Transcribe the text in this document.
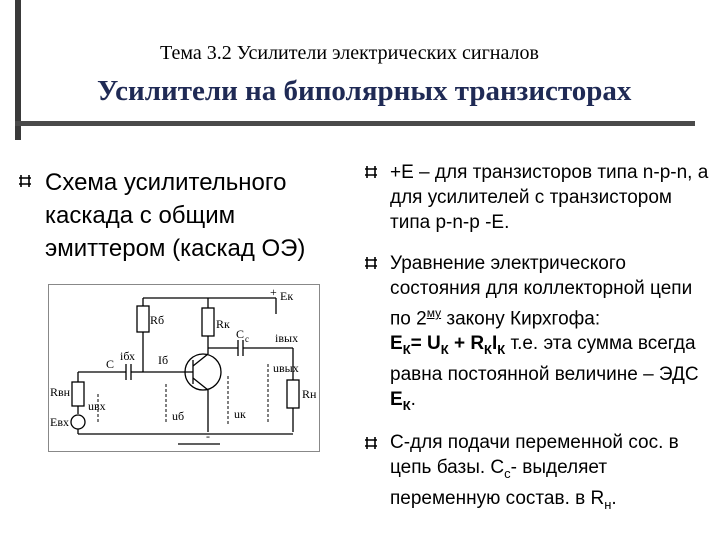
Тема 3.2 Усилители электрических сигналов
Усилители на биполярных транзисторах
Схема усилительного каскада с общим эмиттером (каскад ОЭ)
+Е – для транзисторов типа n-p-n, а для усилителей с транзистором типа p-n-p -Е.
Уравнение электрического состояния для коллекторной цепи по $2^{му}$ закону Кирхгофа:
$Е_К= U_К + R_КI_К$ т.е. эта сумма всегда равна постоянной величине – ЭДС $Е_К$.
С-для подачи переменной сос. в цепь базы. $С_с-$ выделяет переменную состав. в $R_н$.
Rб	Rк
+ Eк
C с iвых
uвых
C
iбх Iб
Rвн
uвх
Eвх	uб	uк
Rн
-
